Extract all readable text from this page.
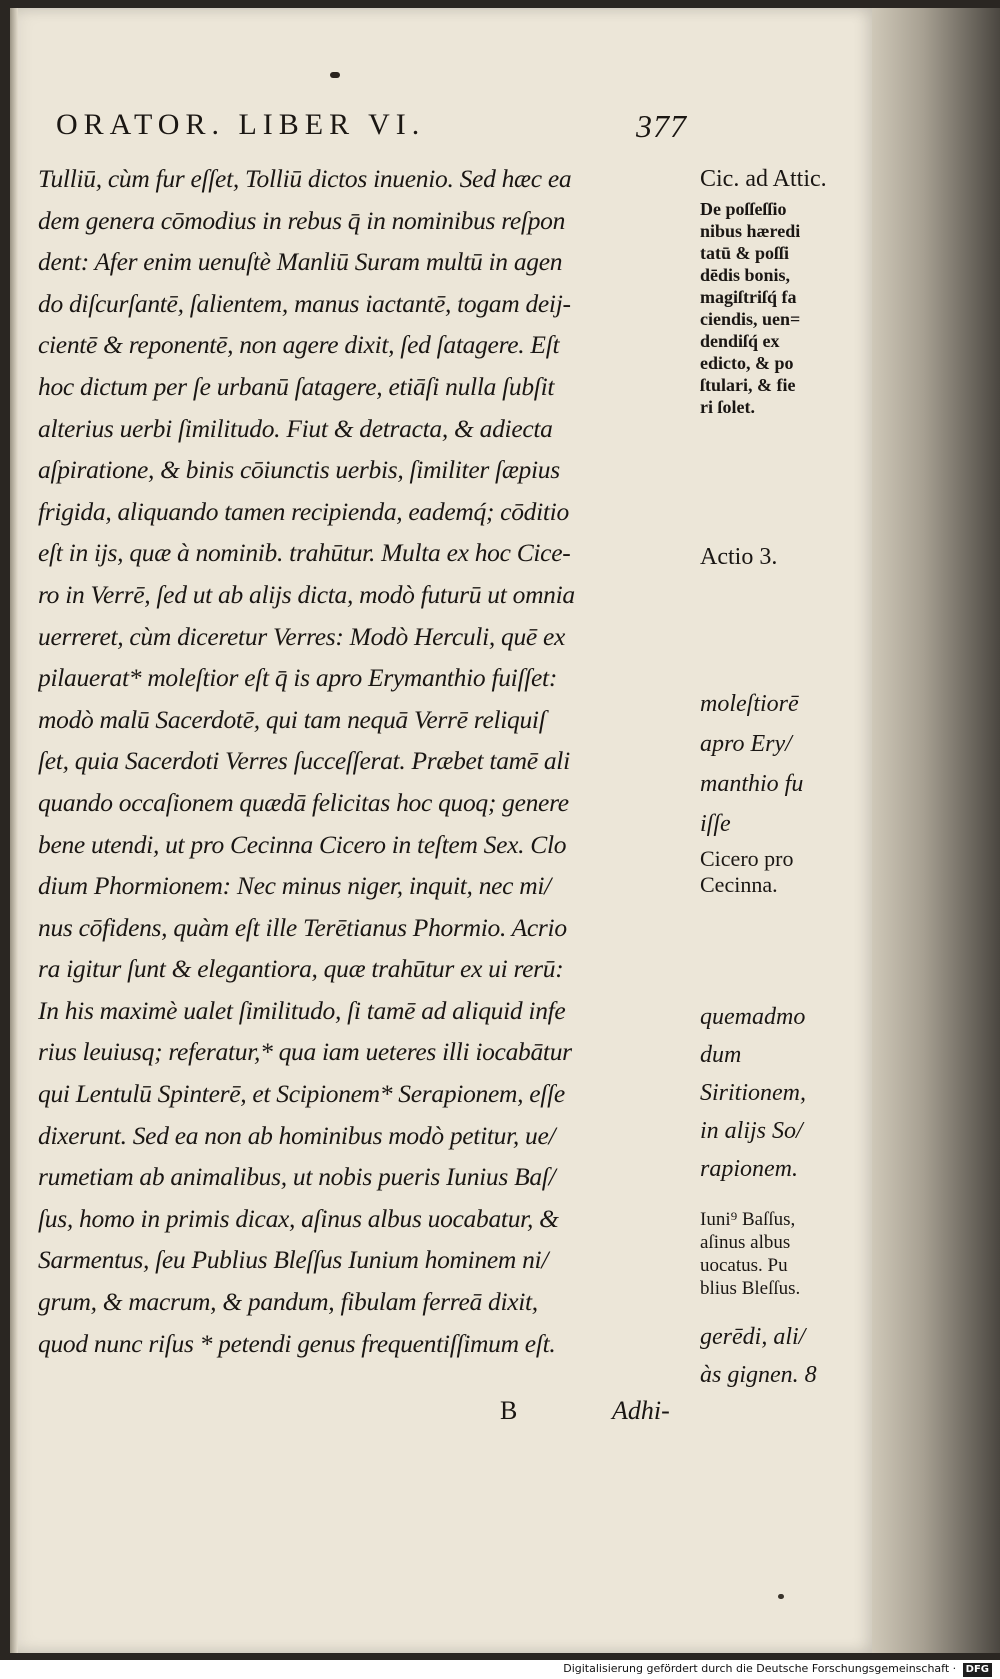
ORATOR. LIBER VI.	377
Tulliū, cùm fur eſſet, Tolliū dictos inuenio. Sed hæc ea
dem genera cōmodius in rebus q̄ in nominibus reſpon
dent: Afer enim uenuſtè Manliū Suram multū in agen
do diſcurſantē, ſalientem, manus iactantē, togam deij-
cientē & reponentē, non agere dixit, ſed ſatagere. Eſt
hoc dictum per ſe urbanū ſatagere, etiāſi nulla ſubſit
alterius uerbi ſimilitudo. Fiut & detracta, & adiecta
aſpiratione, & binis cōiunctis uerbis, ſimiliter ſæpius
frigida, aliquando tamen recipienda, eademq́; cōditio
eſt in ijs, quæ à nominib. trahūtur. Multa ex hoc Cice-
ro in Verrē, ſed ut ab alijs dicta, modò futurū ut omnia
uerreret, cùm diceretur Verres: Modò Herculi, quē ex
pilauerat* moleſtior eſt q̄ is apro Erymanthio fuiſſet:
modò malū Sacerdotē, qui tam nequā Verrē reliquiſ
ſet, quia Sacerdoti Verres ſucceſſerat. Præbet tamē ali
quando occaſionem quædā felicitas hoc quoq; genere
bene utendi, ut pro Cecinna Cicero in teſtem Sex. Clo
dium Phormionem: Nec minus niger, inquit, nec mi/
nus cōfidens, quàm eſt ille Terētianus Phormio. Acrio
ra igitur ſunt & elegantiora, quæ trahūtur ex ui rerū:
In his maximè ualet ſimilitudo, ſi tamē ad aliquid infe
rius leuiusq; referatur,* qua iam ueteres illi iocabātur
qui Lentulū Spinterē, et Scipionem* Serapionem, eſſe
dixerunt. Sed ea non ab hominibus modò petitur, ue/
rumetiam ab animalibus, ut nobis pueris Iunius Baſ/
ſus, homo in primis dicax, aſinus albus uocabatur, &
Sarmentus, ſeu Publius Bleſſus Iunium hominem ni/
grum, & macrum, & pandum, fibulam ferreā dixit,
quod nunc riſus * petendi genus frequentiſſimum eſt.
Cic. ad Attic.
De poſſeſſio
nibus hæredi
tatū & poſſi
dēdis bonis,
magiſtriſq́ fa
ciendis, uen=
dendiſq́ ex
edicto, & po
ſtulari, & fie
ri ſolet.
Actio 3.
moleſtiorē
apro Ery/
manthio fu
iſſe
Cicero pro
Cecinna.
quemadmo
dum
Siritionem,
in alijs So/
rapionem.
Iuni⁹ Baſſus,
aſinus albus
uocatus. Pu
blius Bleſſus.
gerēdi, ali/
às gignen. 8
B	Adhi-
Digitalisierung gefördert durch die Deutsche Forschungsgemeinschaft · DFG
